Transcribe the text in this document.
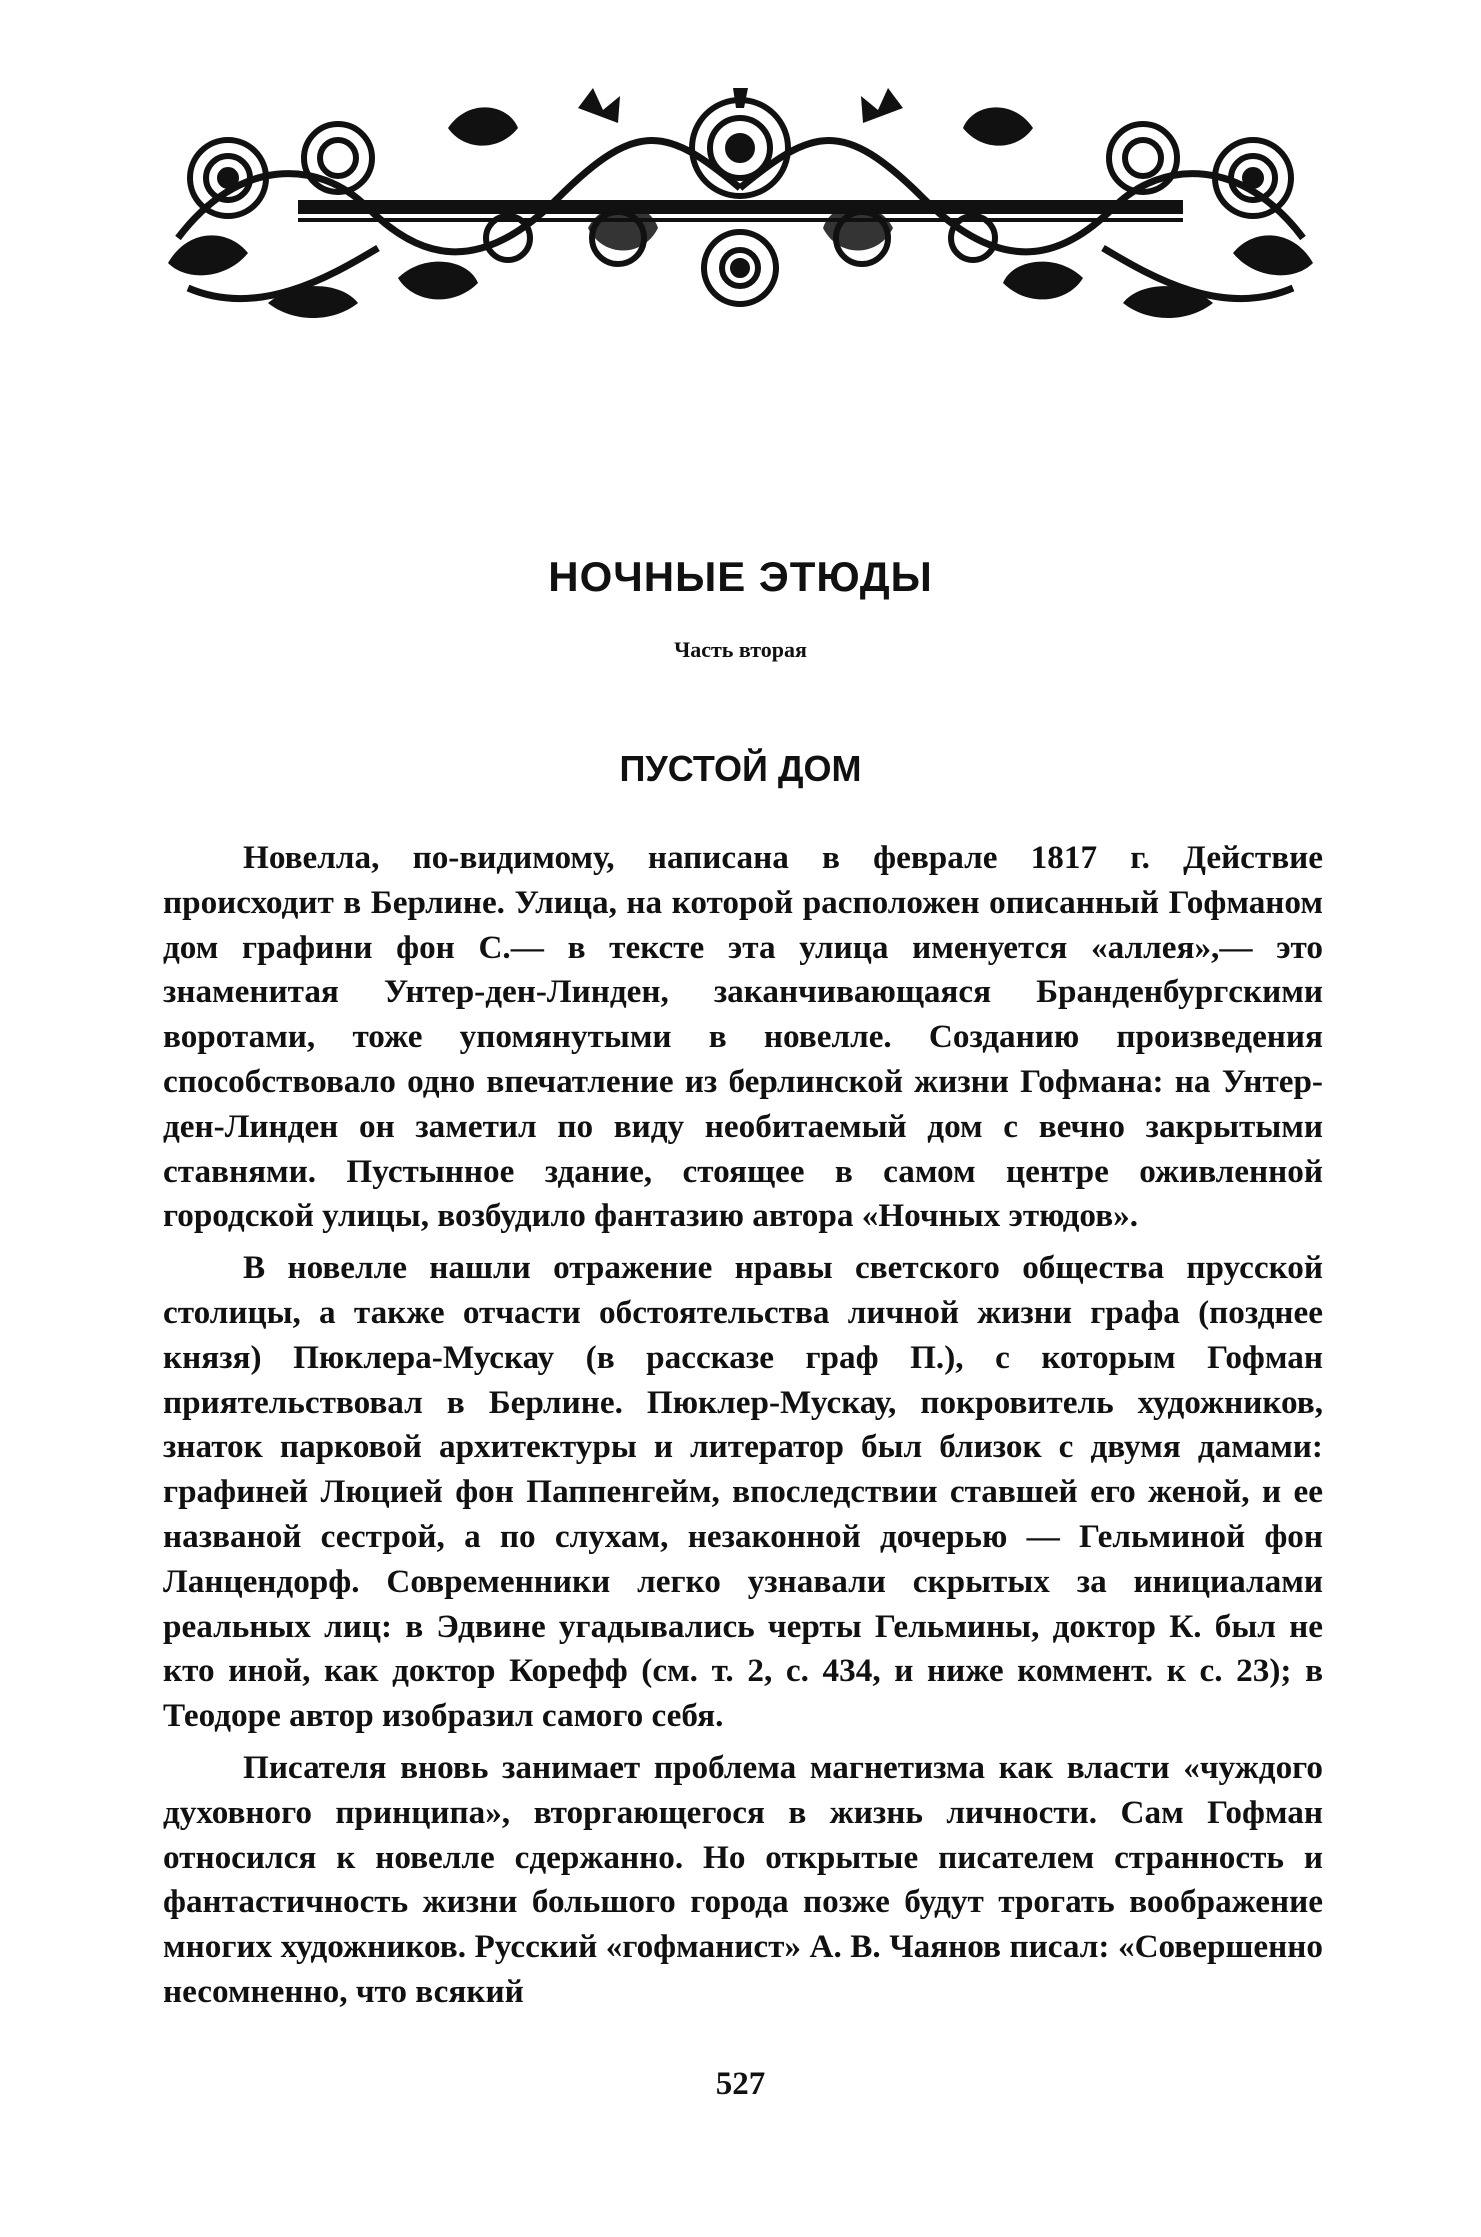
НОЧНЫЕ ЭТЮДЫ
Часть вторая
ПУСТОЙ ДОМ

Новелла, по-видимому, написана в феврале 1817 г. Действие происходит в Берлине. Улица, на которой расположен описанный Гофманом дом графини фон С.— в тексте эта улица именуется «аллея»,— это знаменитая Унтер-ден-Линден, заканчивающаяся Бранденбургскими воротами, тоже упомянутыми в новелле. Созданию произведения способствовало одно впечатление из берлинской жизни Гофмана: на Унтер-ден-Линден он заметил по виду необитаемый дом с вечно закрытыми ставнями. Пустынное здание, стоящее в самом центре оживленной городской улицы, возбудило фантазию автора «Ночных этюдов».

В новелле нашли отражение нравы светского общества прусской столицы, а также отчасти обстоятельства личной жизни графа (позднее князя) Пюклера-Мускау (в рассказе граф П.), с которым Гофман приятельствовал в Берлине. Пюклер-Мускау, покровитель художников, знаток парковой архитектуры и литератор был близок с двумя дамами: графиней Люцией фон Паппенгейм, впоследствии ставшей его женой, и ее названой сестрой, а по слухам, незаконной дочерью — Гельминой фон Ланцендорф. Современники легко узнавали скрытых за инициалами реальных лиц: в Эдвине угадывались черты Гельмины, доктор К. был не кто иной, как доктор Корефф (см. т. 2, с. 434, и ниже коммент. к с. 23); в Теодоре автор изобразил самого себя.

Писателя вновь занимает проблема магнетизма как власти «чуждого духовного принципа», вторгающегося в жизнь личности. Сам Гофман относился к новелле сдержанно. Но открытые писателем странность и фантастичность жизни большого города позже будут трогать воображение многих художников. Русский «гофманист» А. В. Чаянов писал: «Совершенно несомненно, что всякий

527
